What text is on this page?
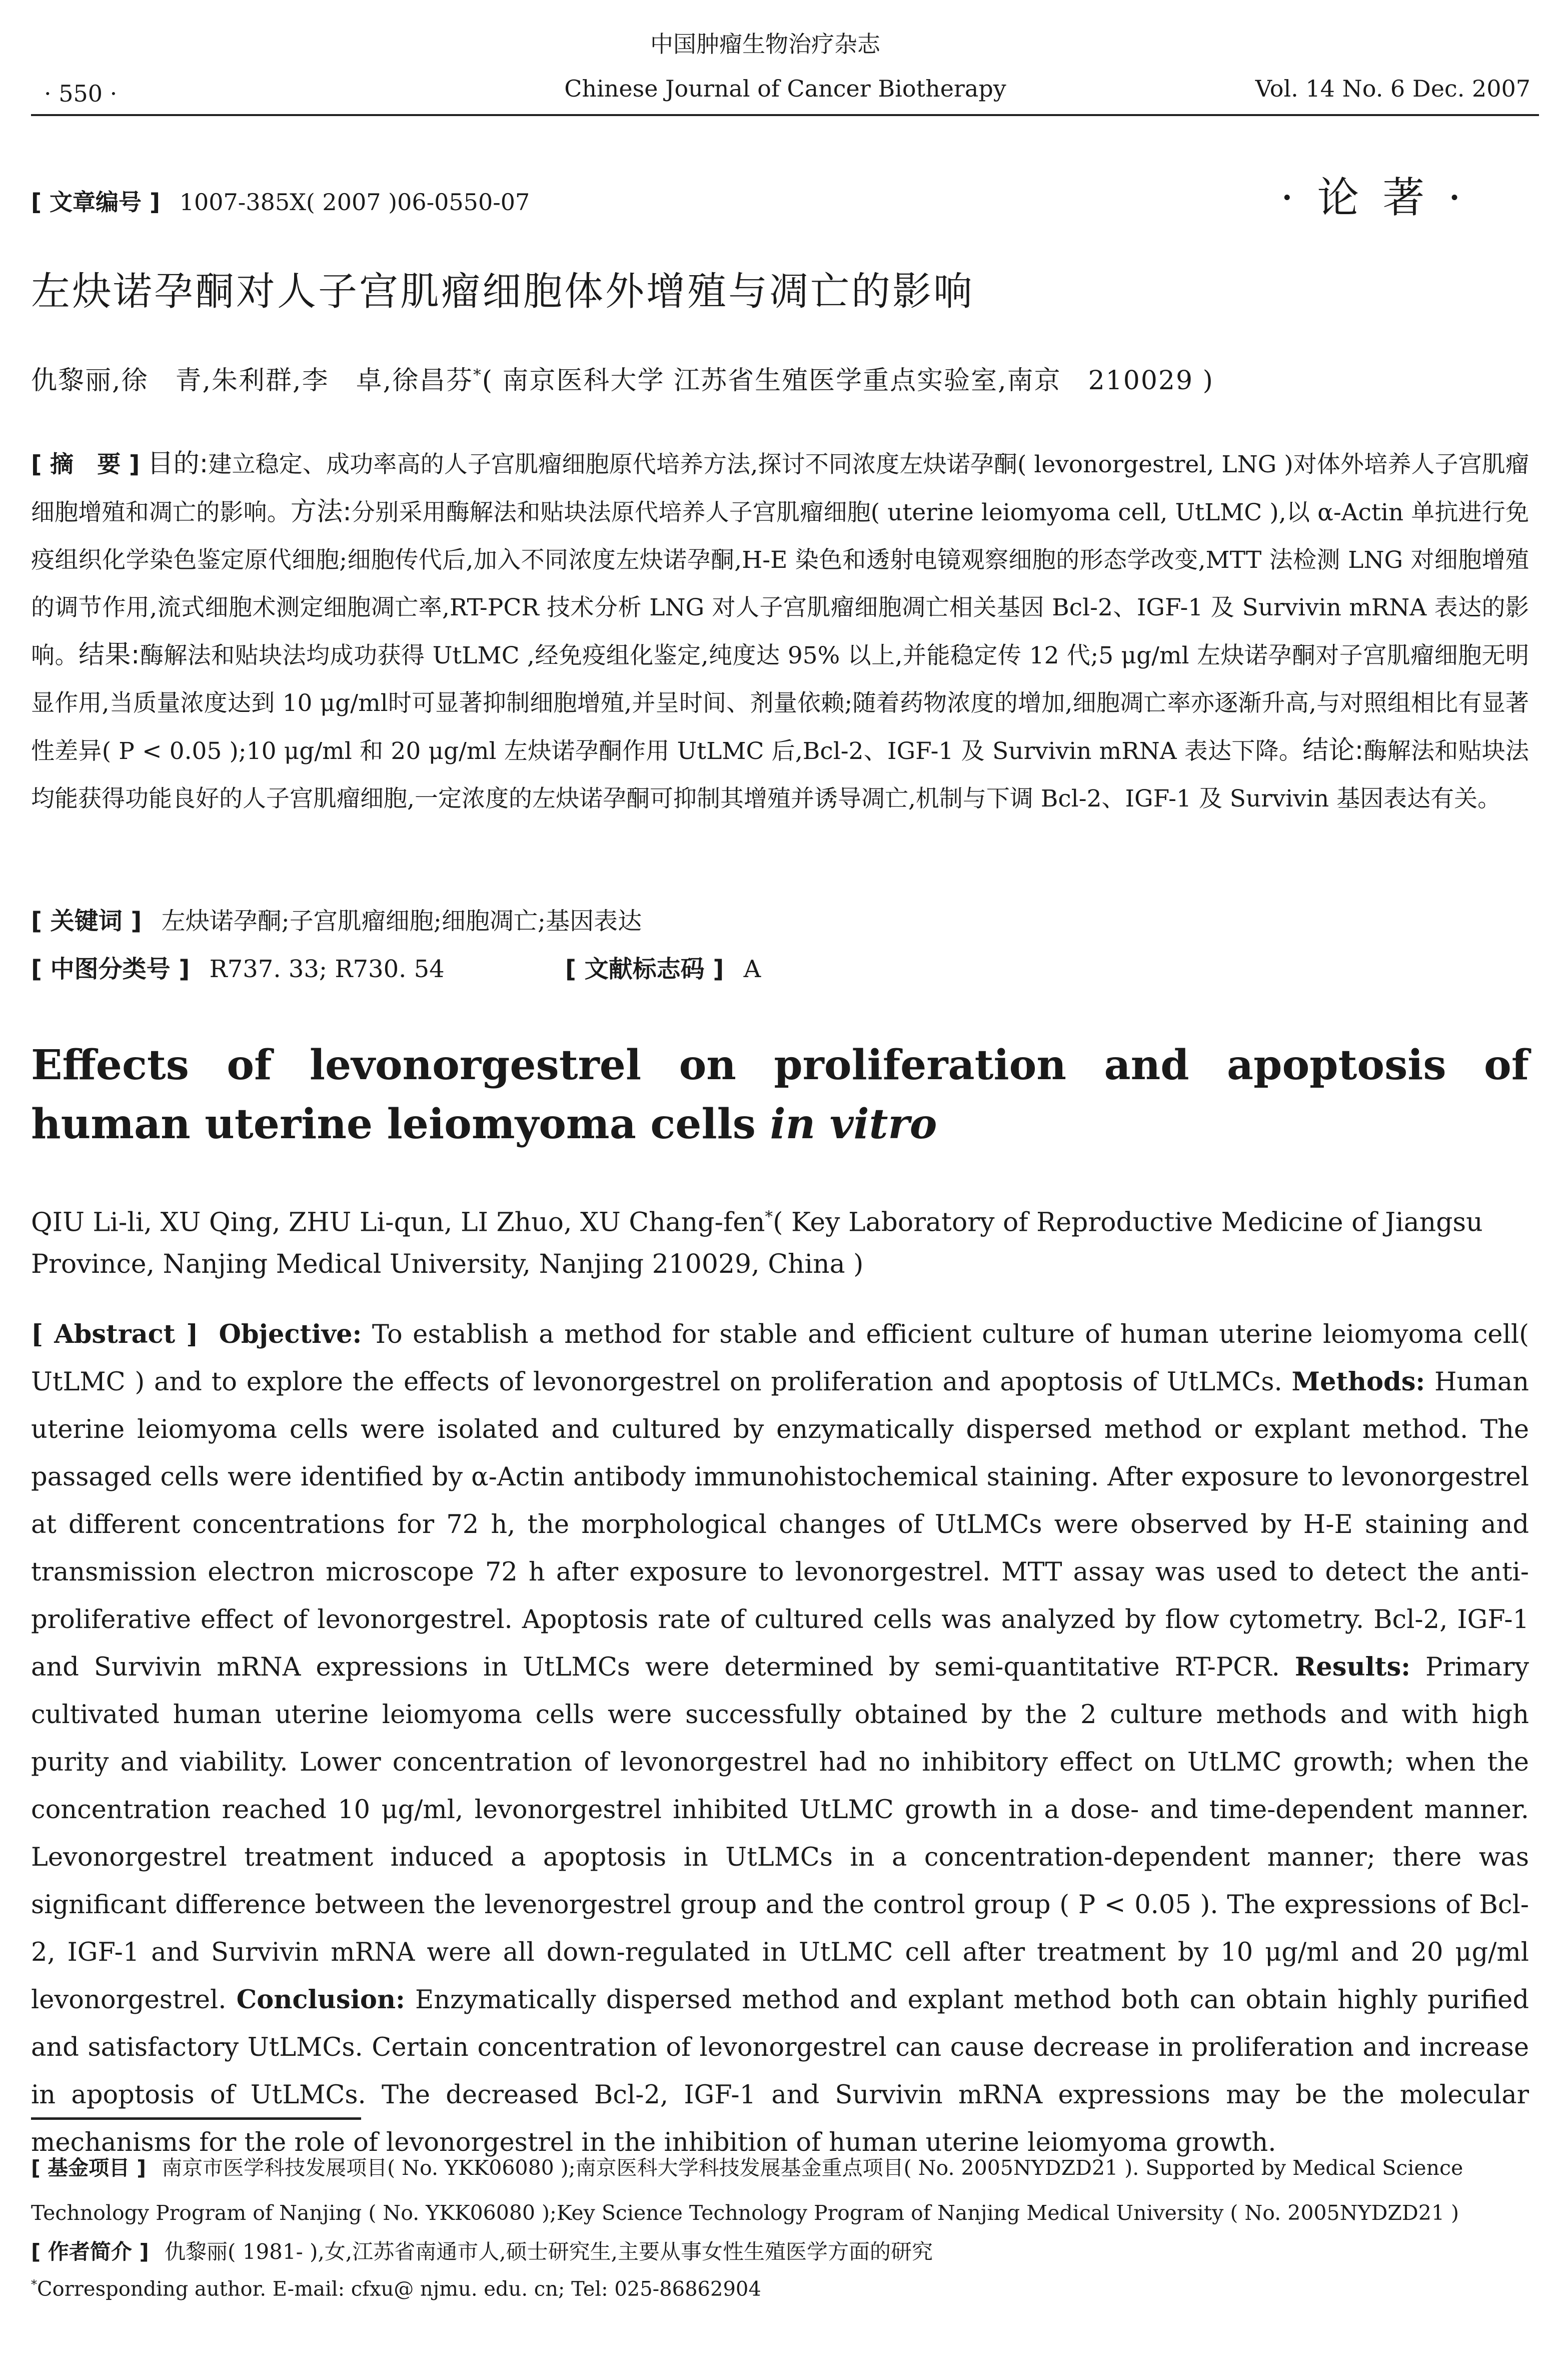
中国肿瘤生物治疗杂志
· 550 ·	Chinese Journal of Cancer Biotherapy	Vol. 14 No. 6 Dec. 2007
[ 文章编号 ] 1007-385X( 2007 )06-0550-07	· 论 著 ·
左炔诺孕酮对人子宫肌瘤细胞体外增殖与凋亡的影响
仇黎丽,徐　青,朱利群,李　卓,徐昌芬*( 南京医科大学 江苏省生殖医学重点实验室,南京　210029 )
[ 摘　要 ] 目的:建立稳定、成功率高的人子宫肌瘤细胞原代培养方法,探讨不同浓度左炔诺孕酮( levonorgestrel, LNG )对体外培养人子宫肌瘤细胞增殖和凋亡的影响。方法:分别采用酶解法和贴块法原代培养人子宫肌瘤细胞( uterine leiomyoma cell, UtLMC ),以 α-Actin 单抗进行免疫组织化学染色鉴定原代细胞;细胞传代后,加入不同浓度左炔诺孕酮,H-E 染色和透射电镜观察细胞的形态学改变,MTT 法检测 LNG 对细胞增殖的调节作用,流式细胞术测定细胞凋亡率,RT-PCR 技术分析 LNG 对人子宫肌瘤细胞凋亡相关基因 Bcl-2、IGF-1 及 Survivin mRNA 表达的影响。结果:酶解法和贴块法均成功获得 UtLMC ,经免疫组化鉴定,纯度达 95% 以上,并能稳定传 12 代;5 μg/ml 左炔诺孕酮对子宫肌瘤细胞无明显作用,当质量浓度达到 10 μg/ml时可显著抑制细胞增殖,并呈时间、剂量依赖;随着药物浓度的增加,细胞凋亡率亦逐渐升高,与对照组相比有显著性差异( P < 0.05 );10 μg/ml 和 20 μg/ml 左炔诺孕酮作用 UtLMC 后,Bcl-2、IGF-1 及 Survivin mRNA 表达下降。结论:酶解法和贴块法均能获得功能良好的人子宫肌瘤细胞,一定浓度的左炔诺孕酮可抑制其增殖并诱导凋亡,机制与下调 Bcl-2、IGF-1 及 Survivin 基因表达有关。
[ 关键词 ] 左炔诺孕酮;子宫肌瘤细胞;细胞凋亡;基因表达
[ 中图分类号 ] R737. 33; R730. 54	[ 文献标志码 ] A
Effects of levonorgestrel on proliferation and apoptosis of human uterine leiomyoma cells in vitro
QIU Li-li, XU Qing, ZHU Li-qun, LI Zhuo, XU Chang-fen*( Key Laboratory of Reproductive Medicine of Jiangsu Province, Nanjing Medical University, Nanjing 210029, China )
[ Abstract ] Objective: To establish a method for stable and efficient culture of human uterine leiomyoma cell( UtLMC ) and to explore the effects of levonorgestrel on proliferation and apoptosis of UtLMCs. Methods: Human uterine leiomyoma cells were isolated and cultured by enzymatically dispersed method or explant method. The passaged cells were identified by α-Actin antibody immunohistochemical staining. After exposure to levonorgestrel at different concentrations for 72 h, the morphological changes of UtLMCs were observed by H-E staining and transmission electron microscope 72 h after exposure to levonorgestrel. MTT assay was used to detect the anti-proliferative effect of levonorgestrel. Apoptosis rate of cultured cells was analyzed by flow cytometry. Bcl-2, IGF-1 and Survivin mRNA expressions in UtLMCs were determined by semi-quantitative RT-PCR. Results: Primary cultivated human uterine leiomyoma cells were successfully obtained by the 2 culture methods and with high purity and viability. Lower concentration of levonorgestrel had no inhibitory effect on UtLMC growth; when the concentration reached 10 μg/ml, levonorgestrel inhibited UtLMC growth in a dose- and time-dependent manner. Levonorgestrel treatment induced a apoptosis in UtLMCs in a concentration-dependent manner; there was significant difference between the levenorgestrel group and the control group ( P < 0.05 ). The expressions of Bcl-2, IGF-1 and Survivin mRNA were all down-regulated in UtLMC cell after treatment by 10 μg/ml and 20 μg/ml levonorgestrel. Conclusion: Enzymatically dispersed method and explant method both can obtain highly purified and satisfactory UtLMCs. Certain concentration of levonorgestrel can cause decrease in proliferation and increase in apoptosis of UtLMCs. The decreased Bcl-2, IGF-1 and Survivin mRNA expressions may be the molecular mechanisms for the role of levonorgestrel in the inhibition of human uterine leiomyoma growth.
[ 基金项目 ] 南京市医学科技发展项目( No. YKK06080 );南京医科大学科技发展基金重点项目( No. 2005NYDZD21 ). Supported by Medical Science Technology Program of Nanjing ( No. YKK06080 );Key Science Technology Program of Nanjing Medical University ( No. 2005NYDZD21 )
[ 作者简介 ] 仇黎丽( 1981- ),女,江苏省南通市人,硕士研究生,主要从事女性生殖医学方面的研究
*Corresponding author. E-mail: cfxu@ njmu. edu. cn; Tel: 025-86862904
